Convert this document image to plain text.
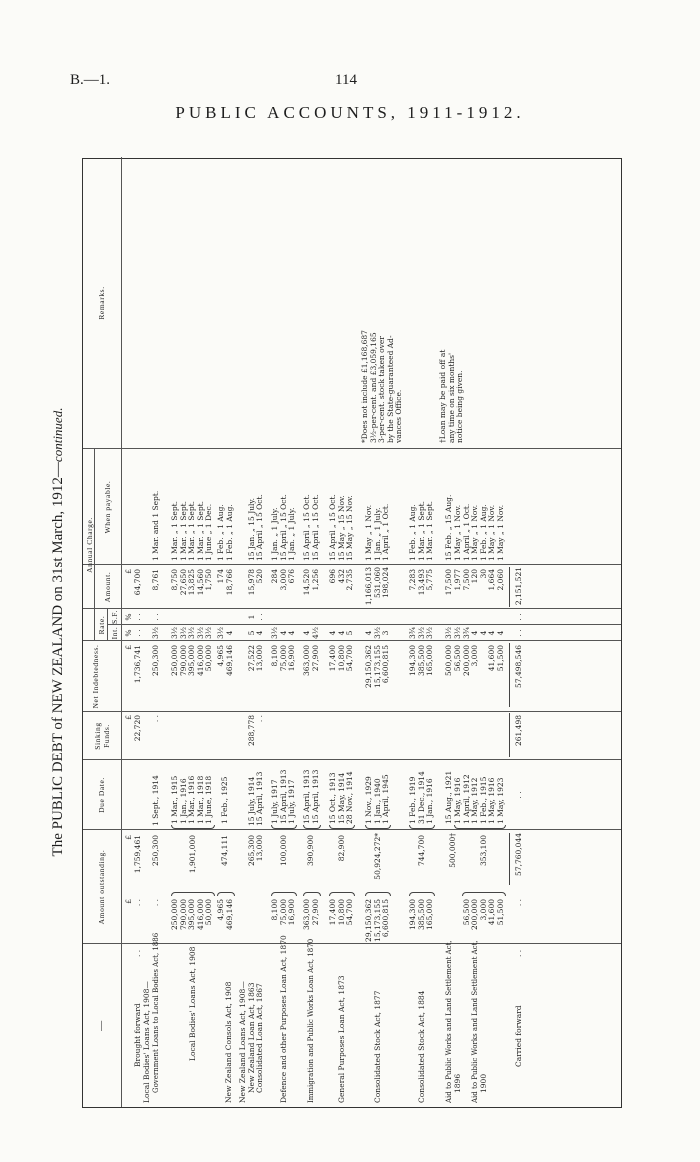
B.—1.	114
PUBLIC ACCOUNTS, 1911-1912.
The PUBLIC DEBT of NEW ZEALAND on 31st March, 1912—continued.
—
Amount outstanding.
Due Date.
Sinking Funds.
Net Indebtedness.
Annual Charge.
Rate. Int.
S.F.
Amount.
When payable.
Remarks.
£
£
£
£
%
%
£
Brought forward
. .
. .
1,759,461
22,720
1,736,741
. .
. .
64,700
Local Bodies' Loans Act, 1908— Government Loans to Local Bodies Act, 1886
. .
250,300
1 Sept., 1914
. .
250,300
3½
. .
8,761
1 Mar. and 1 Sept.
Local Bodies' Loans Act, 1908
250,000 790,000 395,000 416,000 50,000
1,901,000
1 Mar., 1915 1 Jan., 1916 1 Mar., 1916 1 Mar., 1918 1 June, 1918
250,000 790,000 395,000 416,000 50,000
3½ 3½ 3½ 3½ 3½
8,750 27,650 13,825 14,560 1,750
1 Mar. „ 1 Sept. 1 Mar. „ 1 Sept. 1 Mar. „ 1 Sept. 1 Mar. „ 1 Sept. 1 June „ 1 Dec.
New Zealand Consols Act, 1908
4,965 469,146
474,111
1 Feb., 1925
4,965 469,146
3½ 4
174 18,766
1 Feb. „ 1 Aug. 1 Feb. „ 1 Aug.
New Zealand Loans Act, 1908— New Zealand Loan Act, 1863 Consolidated Loan Act, 1867
265,300 13,000
15 July, 1914 15 April, 1913
288,778 . .
27,522 13,000
5 4
1 . .
15,978 520
15 Jan. „ 15 July. 15 April „ 15 Oct.
Defence and other Purposes Loan Act, 1870
8,100 75,000 16,900
100,000
1 July, 1917 15 April, 1913 1 July, 1917
8,100 75,000 16,900
3½ 4 4
284 3,000 676
1 Jan. „ 1 July. 15 April „ 15 Oct. 1 Jan. „ 1 July.
Immigration and Public Works Loan Act, 1870
363,000 27,900
390,900
15 April, 1913 15 April, 1913
363,000 27,900
4 4½
14,520 1,256
15 April „ 15 Oct. 15 April „ 15 Oct.
General Purposes Loan Act, 1873
17,400 10,800 54,700
82,900
15 Oct., 1913 15 May, 1914 28 Nov., 1914
17,400 10,800 54,700
4 4 5
696 432 2,735
15 April „ 15 Oct. 15 May „ 15 Nov. 15 May „ 15 Nov.
Consolidated Stock Act, 1877
29,150,362 15,173,155 6,600,815
50,924,272*
1 Nov., 1929 1 Jan., 1940 1 April, 1945
29,150,362 15,173,155 6,600,815
4 3½ 3
1,166,013 531,060 198,024
1 May „ 1 Nov. 1 Jan. „ 1 July. 1 April „ 1 Oct.
*Does not include £1,168,687 3½-per-cent. and £3,059,165 3-per-cent. stock taken over by the State-guaranteed Ad- vances Office.
Consolidated Stock Act, 1884
194,300 385,500 165,000
744,700
1 Feb., 1919 31 Dec., 1914 1 Jan., 1916
194,300 385,500 165,000
3¾ 3½ 3½
7,283 13,493 5,775
1 Feb. „ 1 Aug. 1 Mar. „ 1 Sept. 1 Mar. „ 1 Sept.
Aid to Public Works and Land Settlement Act, 1896
500,000†
15 Aug., 1921
500,000
3½
17,500
15 Feb. „ 15 Aug.
†Loan may be paid off at any time on six months' notice being given.
Aid to Public Works and Land Settlement Act, 1900
56,500 200,000 3,000 41,600 51,500
353,100
1 May, 1916 1 April, 1912 1 May, 1912 1 Feb., 1915 1 May, 1916 1 May, 1923
56,500 200,000 3,000 41,600 51,500
3½ 3¾ 4 4 4 4
1,977 7,500 120 30 1,664 2,060
1 May „ 1 Nov. 1 April „ 1 Oct. 1 May „ 1 Nov. 1 Feb. „ 1 Aug. 1 May „ 1 Nov. 1 May „ 1 Nov.
Carried forward
. .
. .
57,760,044
. .
261,498
57,498,546
. .
. .
2,151,521
